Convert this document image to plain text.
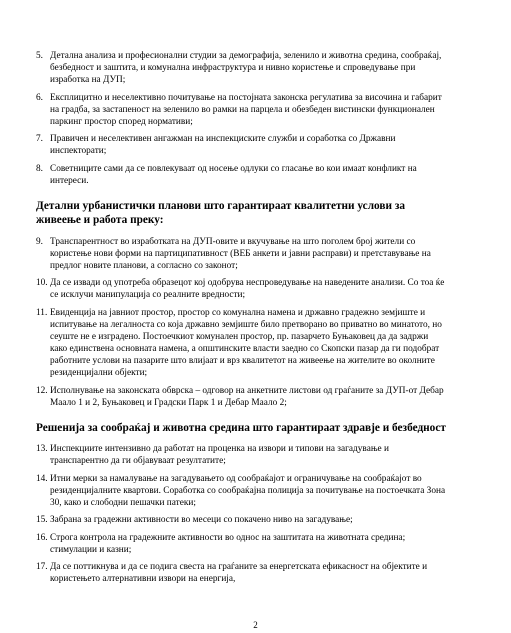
5. Детална анализа и професионални студии за демографија, зеленило и животна средина, сообраќај, безбедност и заштита, и комунална инфраструктура и нивно користење и спроведување при изработка на ДУП;
6. Експлицитно и неселективно почитување на постојната законска регулатива за височина и габарит на градба, за застапеност на зеленило во рамки на парцела и обезбеден вистински функционален паркинг простор според нормативи;
7. Правичен и неселективен ангажман на инспекциските служби и соработка со Државни инспекторати;
8. Советниците сами да се повлекуваат од носење одлуки со гласање во кои имаат конфликт на интереси.
Детални урбанистички планови што гарантираат квалитетни услови за живеење и работа преку:
9. Транспарентност во изработката на ДУП-овите и вкучување на што поголем број жители со користење нови форми на партиципативност (ВЕБ анкети и јавни расправи) и претставување на предлог новите планови, а согласно со законот;
10. Да се извади од употреба образецот кој одобрува неспроведување на наведените анализи. Со тоа ќе се исклучи манипулација со реалните вредности;
11. Евиденција на јавниот простор, простор со комунална намена и државно градежно земјиште и испитување на легалноста со која државно земјиште било претворано во приватно во минатото, но сеуште не е изградено. Постоечкиот комунален простор, пр. пазарчето Буњаковец да да задржи како единствена основната намена, а општинските власти заедно со Скопски пазар да ги подобрат работните услови на пазарите што влијаат и врз квалитетот на живеење на жителите во околните резиденцијални објекти;
12. Исполнување на законската обврска – одговор на анкетните листови од граѓаните за ДУП-от Дебар Маало 1 и 2, Буњаковец и Градски Парк 1 и Дебар Маало 2;
Решенија за сообраќај и животна средина што гарантираат здравје и безбедност
13. Инспекциите интензивно да работат на проценка на извори и типови на загадување и транспарентно да ги објавуваат резултатите;
14. Итни мерки за намалување на загадувањето од сообраќајот и ограничување на сообраќајот во резиденцијалните квартови. Соработка со сообраќајна полиција за почитување на постоечката Зона 30, како и слободни пешачки патеки;
15. Забрана за градежни активности во месеци со покачено ниво на загадување;
16. Строга контрола на градежните активности во однос на заштитата на животната средина; стимулации и казни;
17. Да се поттикнува и да се подига свеста на граѓаните за енергетската ефикасност на објектите и користењето алтернативни извори на енергија,
2
